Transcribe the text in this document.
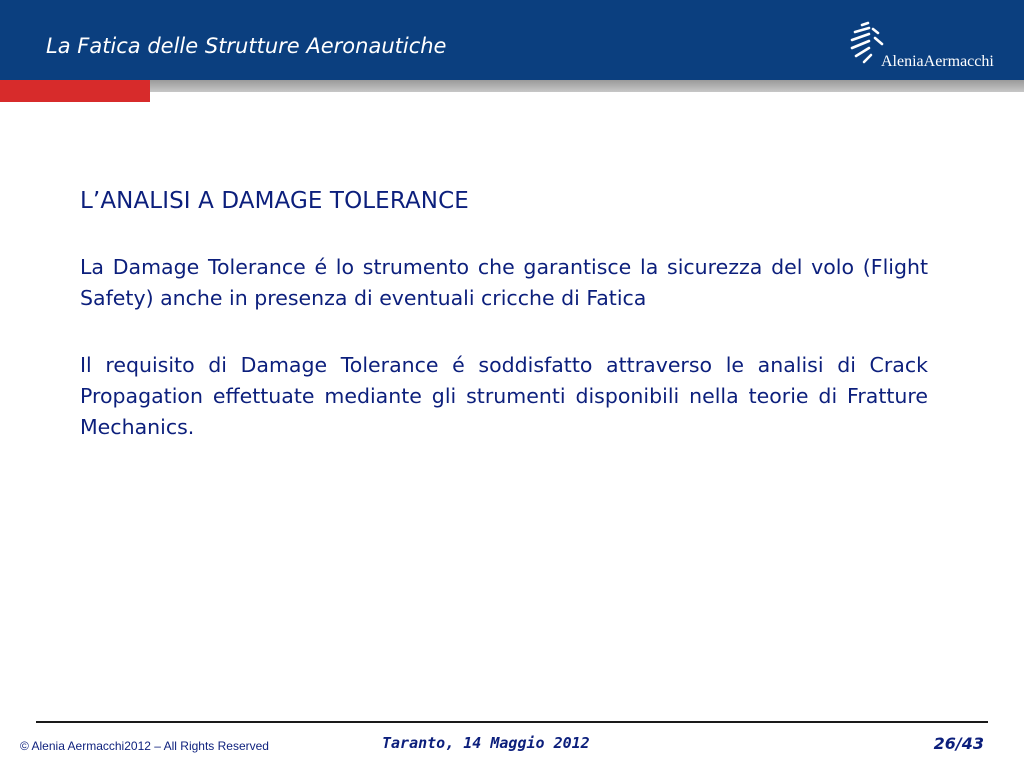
La Fatica delle Strutture Aeronautiche
AleniaAermacchi
L’ANALISI A DAMAGE TOLERANCE

La Damage Tolerance é lo strumento che garantisce la sicurezza del volo (Flight Safety) anche in presenza di eventuali cricche di Fatica

Il requisito di Damage Tolerance é soddisfatto attraverso le analisi di Crack Propagation effettuate mediante gli strumenti disponibili nella teorie di Fratture Mechanics.

© Alenia Aermacchi2012 – All Rights Reserved	Taranto, 14 Maggio 2012	26/43
